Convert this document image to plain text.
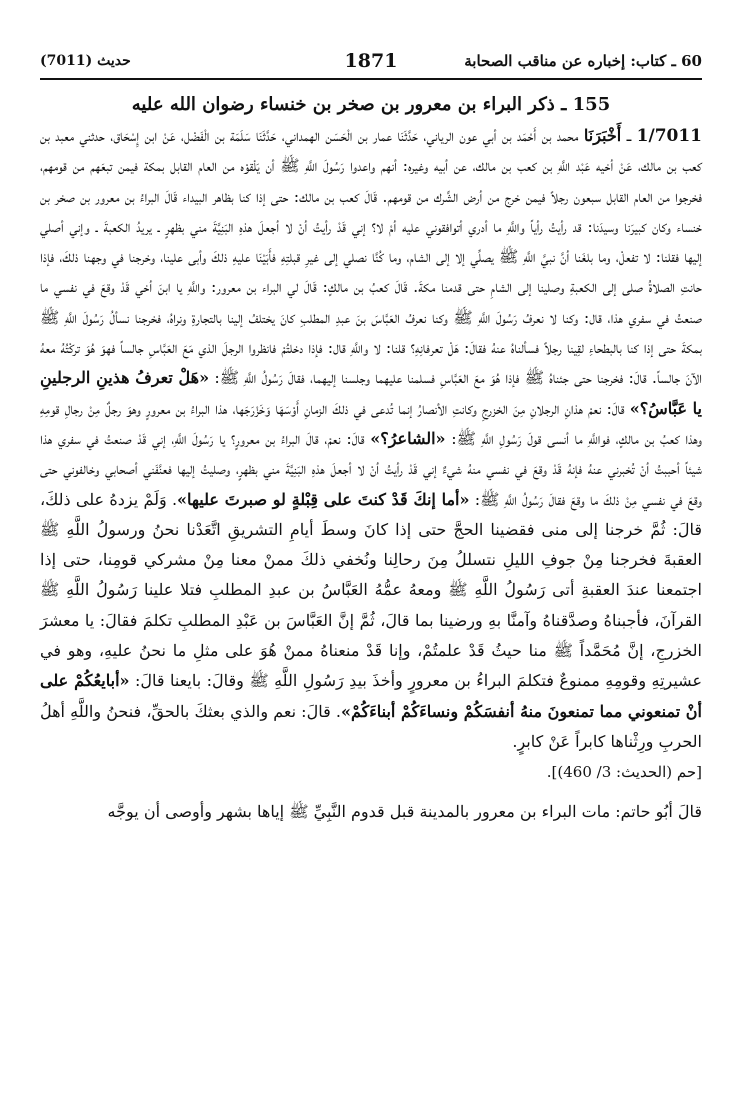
60 ـ كتاب: إخباره عن مناقب الصحابة
1871
حديث (7011)
155 ـ ذكر البراء بن معرور بن صخر بن خنساء رضوان الله عليه

1/7011 ـ أَخْبَرَنَا محمد بن أَحْمَد بن أبي عون الرياني، حَدَّثَنَا عمار بن الْحَسَن الهمداني، حَدَّثَنَا سَلَمَة بن الْفَضْل، عَنْ ابن إِسْحَاق، حدثني معبد بن كعب بن مالك، عَنْ أخيه عَبْد اللَّهِ بن كعب بن مالك، عن أبيه وغيره: أنهم واعدوا رَسُولَ اللَّهِ ﷺ أن يَلْقوْه من العام القابل بمكة فيمن تبعَهم من قومهم، فخرجوا من العام القابل سبعون رجلاً فيمن خرج من أرض الشِّرك من قومهم. قَالَ كعب بن مالك: حتى إذا كنا بظاهر البيداء قَالَ البراءُ بن معرور بن صخر بن خنساء وكان كبيرَنا وسيدَنا: قد رأيتُ رأياً واللَّهِ ما أدري أتوافقوني عليه أمْ لا؟ إني قَدْ رأيتُ أنْ لا أجعلَ هذهِ البَنِيَّةَ مني بظهرٍ ـ يريدُ الكعبةَ ـ وإني أصلي إليها فقلنا: لا تفعلْ، وما بلغَنا أنَّ نبيَّ اللَّهِ ﷺ يصلِّي إلا إلى الشام، وما كُنَّا نصلي إلى غيرِ قبلتِهِ فأَبَيْنَا عليهِ ذلكَ وأبى علينا، وخرجنا في وجهنا ذلكَ، فإذا حانتِ الصلاةُ صلى إلى الكعبةِ وصلينا إلى الشامِ حتى قدمنا مكةَ. قَالَ كعبُ بن مالكٍ: قَالَ لي البراء بن معرور: واللَّهِ يا ابنَ أخي قَدْ وقعَ في نفسي ما صنعتُ في سفري هذا، قال: وكنا لا نعرفُ رَسُولَ اللَّهِ ﷺ وكنا نعرفُ العَبَّاسَ بنَ عبدِ المطلبِ كانَ يختلفُ إلينا بالتجارةِ ونراهُ، فخرجنا نسألُ رَسُولَ اللَّهِ ﷺ بمكةَ حتى إذا كنا بالبطحاءِ لقِينا رجلاً فسألناهُ عنهُ فقالَ: هَلْ تعرفانِهِ؟ قلنا: لا واللَّهِ قال: فإذا دخلتُمْ فانظروا الرجلَ الذي مَعَ العَبَّاسِ جالساً فهوَ هُوَ تركْتُهُ معهُ الآنَ جالساً. قالَ: فخرجنا حتى جئناهُ ﷺ فإذا هُوَ معَ العَبَّاسِ فسلمنا عليهما وجلسنا إليهما، فقالَ رَسُولُ اللَّهِ ﷺ: «هَلْ تعرفُ هذينِ الرجلينِ يا عَبَّاسُ؟» قالَ: نعمْ هذانِ الرجلانِ مِنَ الخزرجِ وكانتِ الأنصارُ إنما تُدعى في ذلكَ الزمانِ أَوْسَهَا وَخَزْرَجَها، هذا البراءُ بن معرورٍ وهوَ رجلٌ مِنْ رجالِ قومِهِ وهذا كعبُ بن مالكٍ، فواللَّهِ ما أنسى قولَ رَسُولِ اللَّهِ ﷺ: «الشاعرُ؟» قالَ: نعمْ، قالَ البراءُ بن معرورٍ؟ يا رَسُولَ اللَّهِ، إني قَدْ صنعتُ في سفري هذا شيئاً أحببتُ أنْ تُخبرني عنهُ فإنهُ قَدْ وقعَ في نفسي منهُ شيءٌ إني قَدْ رأيتُ أنْ لا أجعلَ هذهِ البَنِيَّةَ مني بظهرٍ، وصليتُ إليها فعنَّفَني أصحابي وخالفوني حتى وقعَ في نفسي مِنْ ذلكَ ما وقعَ فقالَ رَسُولُ اللَّهِ ﷺ: «أما إنكَ قَدْ كنتَ على قِبْلةٍ لو صبرتَ عليها». وَلَمْ يزدهُ على ذلكَ، قالَ: ثُمَّ خرجنا إلى منى فقضينا الحجَّ حتى إذا كانَ وسطَ أيامِ التشريقِ اتَّعَدْنا نحنُ ورسولُ اللَّهِ ﷺ العقبةَ فخرجنا مِنْ جوفِ الليلِ نتسللُ مِنَ رحالِنا ونُخفي ذلكَ ممنْ معنا مِنْ مشركي قومِنا، حتى إذا اجتمعنا عندَ العقبةِ أتى رَسُولُ اللَّهِ ﷺ ومعهُ عمُّهُ العَبَّاسُ بن عبدِ المطلبِ فتلا علينا رَسُولُ اللَّهِ ﷺ القرآنَ، فأجبناهُ وصدَّقناهُ وآمنَّا بهِ ورضينا بما قالَ، ثُمَّ إنَّ العَبَّاسَ بن عَبْدِ المطلبِ تكلمَ فقالَ: يا معشرَ الخزرجِ، إنَّ مُحَمَّداً ﷺ منا حيثُ قَدْ علمتُمْ، وإنا قَدْ منعناهُ ممنْ هُوَ على مثلِ ما نحنُ عليهِ، وهو في عشيرتِهِ وقومِهِ ممنوعٌ فتكلمَ البراءُ بن معرورٍ وأخذَ بيدِ رَسُولِ اللَّهِ ﷺ وقالَ: بايعنا قالَ: «أبايعُكُمْ على أنْ تمنعوني مما تمنعونَ منهُ أنفسَكُمْ ونساءَكُمْ أبناءَكُمْ». قالَ: نعم والذي بعثكَ بالحقِّ، فنحنُ واللَّهِ أهلُ الحربِ ورِثْناها كابراً عَنْ كابرٍ.

[حم (الحديث: 3/ 460)].

قالَ أبُو حاتم: مات البراء بن معرور بالمدينة قبل قدوم النَّبِيِّ ﷺ إياها بشهر وأوصى أن يوجَّه
